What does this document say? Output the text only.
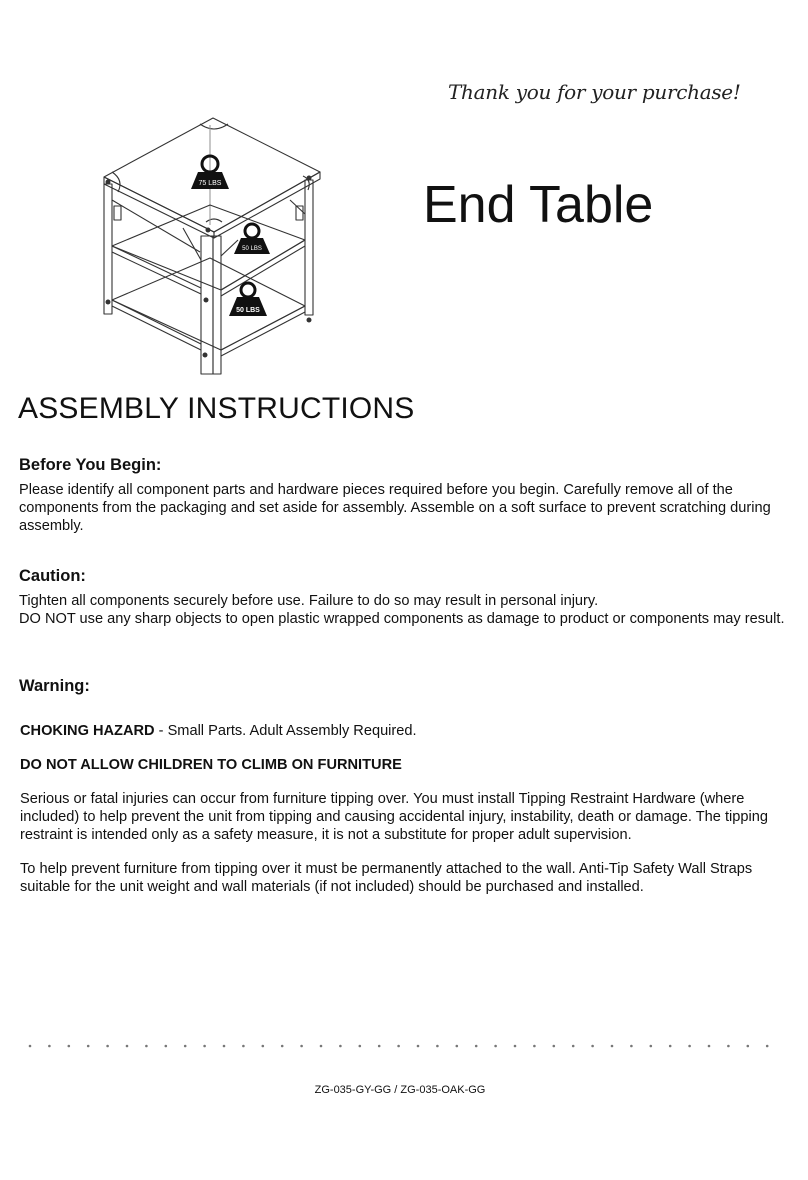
Thank you for your purchase!
End Table
75 LBS
50 LBS
50 LBS
ASSEMBLY INSTRUCTIONS
Before You Begin:

Please identify all component parts and hardware pieces required before you begin. Carefully remove all of the components from the packaging and set aside for assembly. Assemble on a soft surface to prevent scratching during assembly.

Caution:

Tighten all components securely before use. Failure to do so may result in personal injury.

DO NOT use any sharp objects to open plastic wrapped components as damage to product or components may result.

Warning:
CHOKING HAZARD - Small Parts. Adult Assembly Required.
DO NOT ALLOW CHILDREN TO CLIMB ON FURNITURE
Serious or fatal injuries can occur from furniture tipping over. You must install Tipping Restraint Hardware (where included) to help prevent the unit from tipping and causing accidental injury, instability, death or damage. The tipping restraint is intended only as a safety measure, it is not a substitute for proper adult supervision.
To help prevent furniture from tipping over it must be permanently attached to the wall. Anti-Tip Safety Wall Straps suitable for the unit weight and wall materials (if not included) should be purchased and installed.
ZG-035-GY-GG / ZG-035-OAK-GG
